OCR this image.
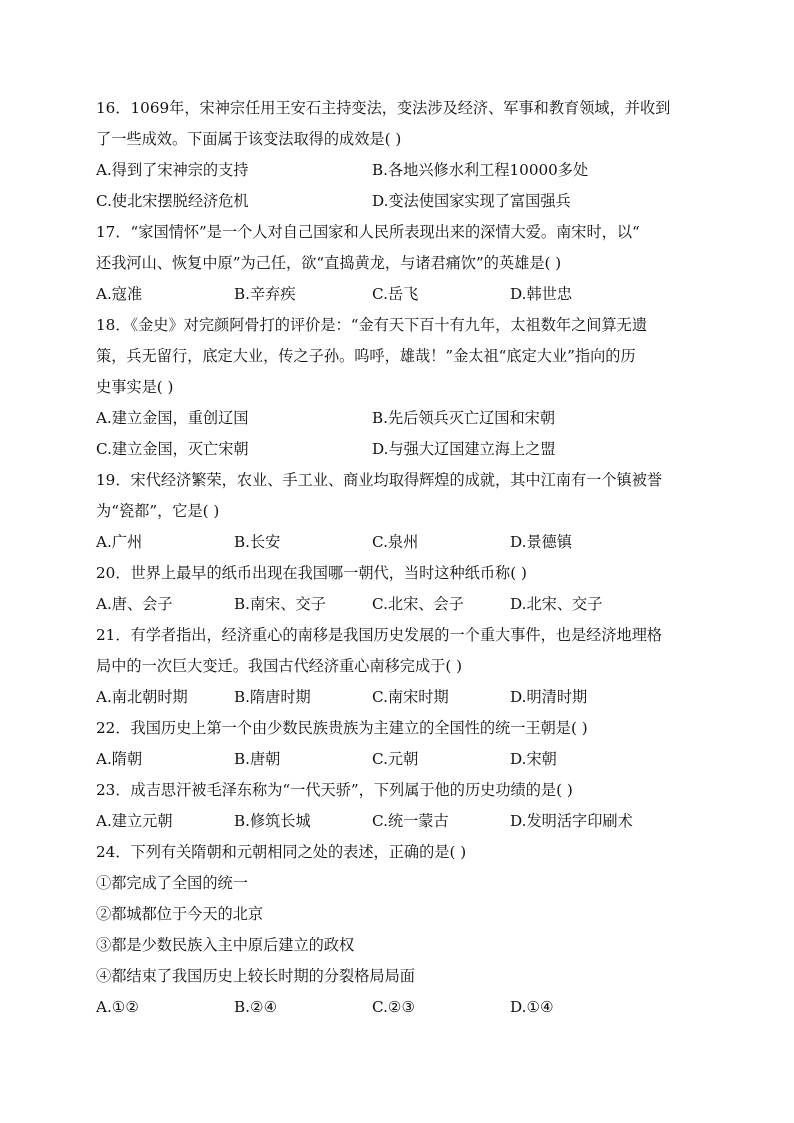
16．1069年，宋神宗任用王安石主持变法，变法涉及经济、军事和教育领域，并收到
了一些成效。下面属于该变法取得的成效是( )
A.得到了宋神宗的支持	B.各地兴修水利工程10000多处
C.使北宋摆脱经济危机	D.变法使国家实现了富国强兵
17．“家国情怀”是一个人对自己国家和人民所表现出来的深情大爱。南宋时，以“
还我河山、恢复中原”为己任，欲“直捣黄龙，与诸君痛饮”的英雄是( )
A.寇准	B.辛弃疾	C.岳飞	D.韩世忠
18．《金史》对完颜阿骨打的评价是：“金有天下百十有九年，太祖数年之间算无遗
策，兵无留行，底定大业，传之子孙。呜呼，雄哉！”金太祖“底定大业”指向的历
史事实是( )
A.建立金国，重创辽国	B.先后领兵灭亡辽国和宋朝
C.建立金国，灭亡宋朝	D.与强大辽国建立海上之盟
19．宋代经济繁荣，农业、手工业、商业均取得辉煌的成就，其中江南有一个镇被誉
为“瓷都”，它是( )
A.广州	B.长安	C.泉州	D.景德镇
20．世界上最早的纸币出现在我国哪一朝代，当时这种纸币称( )
A.唐、会子	B.南宋、交子	C.北宋、会子	D.北宋、交子
21．有学者指出，经济重心的南移是我国历史发展的一个重大事件，也是经济地理格
局中的一次巨大变迁。我国古代经济重心南移完成于( )
A.南北朝时期	B.隋唐时期	C.南宋时期	D.明清时期
22．我国历史上第一个由少数民族贵族为主建立的全国性的统一王朝是( )
A.隋朝	B.唐朝	C.元朝	D.宋朝
23．成吉思汗被毛泽东称为“一代天骄”，下列属于他的历史功绩的是( )
A.建立元朝	B.修筑长城	C.统一蒙古	D.发明活字印刷术
24．下列有关隋朝和元朝相同之处的表述，正确的是( )
①都完成了全国的统一
②都城都位于今天的北京
③都是少数民族入主中原后建立的政权
④都结束了我国历史上较长时期的分裂格局局面
A.①②	B.②④	C.②③	D.①④
